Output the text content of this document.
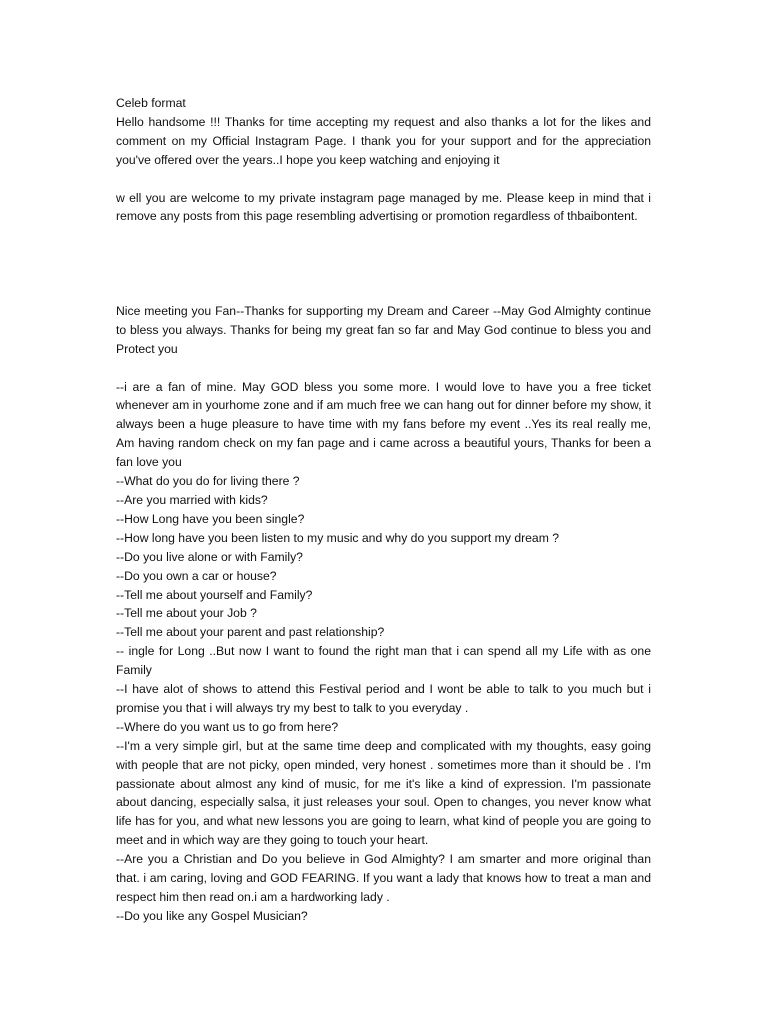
Celeb format

Hello handsome !!! Thanks for time accepting my request and also thanks a lot for the likes and comment on my Official Instagram Page. I thank you for your support and for the appreciation you've offered over the years..I hope you keep watching and enjoying it

w ell you are welcome to my private instagram page managed by me. Please keep in mind that i remove any posts from this page resembling advertising or promotion regardless of thbaibontent.

Nice meeting you Fan--Thanks for supporting my Dream and Career --May God Almighty continue to bless you always. Thanks for being my great fan so far and May God continue to bless you and Protect you

--i are a fan of mine. May GOD bless you some more. I would love to have you a free ticket whenever am in yourhome zone and if am much free we can hang out for dinner before my show, it always been a huge pleasure to have time with my fans before my event ..Yes its real really me, Am having random check on my fan page and i came across a beautiful yours, Thanks for been a fan love you

--What do you do for living there ?

--Are you married with kids?

--How Long have you been single?

--How long have you been listen to my music and why do you support my dream ?

--Do you live alone or with Family?

--Do you own a car or house?

--Tell me about yourself and Family?

--Tell me about your Job ?

--Tell me about your parent and past relationship?

-- ingle for Long ..But now I want to found the right man that i can spend all my Life with as one Family

--I have alot of shows to attend this Festival period and I wont be able to talk to you much but i promise you that i will always try my best to talk to you everyday .

--Where do you want us to go from here?

--I'm a very simple girl, but at the same time deep and complicated with my thoughts, easy going with people that are not picky, open minded, very honest . sometimes more than it should be . I'm passionate about almost any kind of music, for me it's like a kind of expression. I'm passionate about dancing, especially salsa, it just releases your soul. Open to changes, you never know what life has for you, and what new lessons you are going to learn, what kind of people you are going to meet and in which way are they going to touch your heart.

--Are you a Christian and Do you believe in God Almighty? I am smarter and more original than that. i am caring, loving and GOD FEARING. If you want a lady that knows how to treat a man and respect him then read on.i am a hardworking lady .

--Do you like any Gospel Musician?
